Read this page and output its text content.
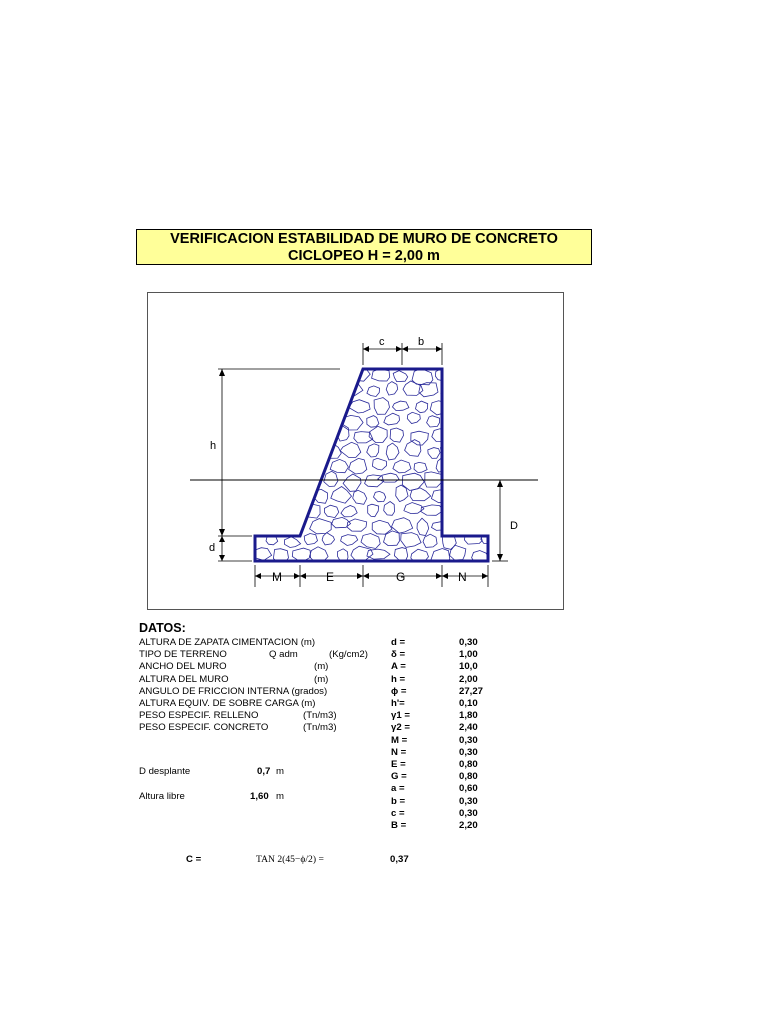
VERIFICACION ESTABILIDAD DE MURO DE CONCRETO
CICLOPEO H = 2,00 m
h
d
D
c	b
M	E	G	N
DATOS:
ALTURA DE ZAPATA CIMENTACION (m)	d =	0,30
TIPO DE TERRENO	Q adm	(Kg/cm2) δ =	1,00
ANCHO DEL MURO	(m)	A =	10,0
ALTURA DEL MURO	(m)	h =	2,00
ANGULO DE FRICCION INTERNA (grados)	ϕ =	27,27
ALTURA EQUIV. DE SOBRE CARGA (m)	h'=	0,10
PESO ESPECIF. RELLENO	(Tn/m3)	γ1 =	1,80
PESO ESPECIF. CONCRETO	(Tn/m3)	γ2 =	2,40
M =	0,30
N =	0,30
E =	0,80
G =	0,80
a =	0,60
b =	0,30
c =	0,30
B =	2,20
D desplante	0,7 m
Altura libre	1,60 m
C =	TAN 2(45−ϕ/2) =	0,37
